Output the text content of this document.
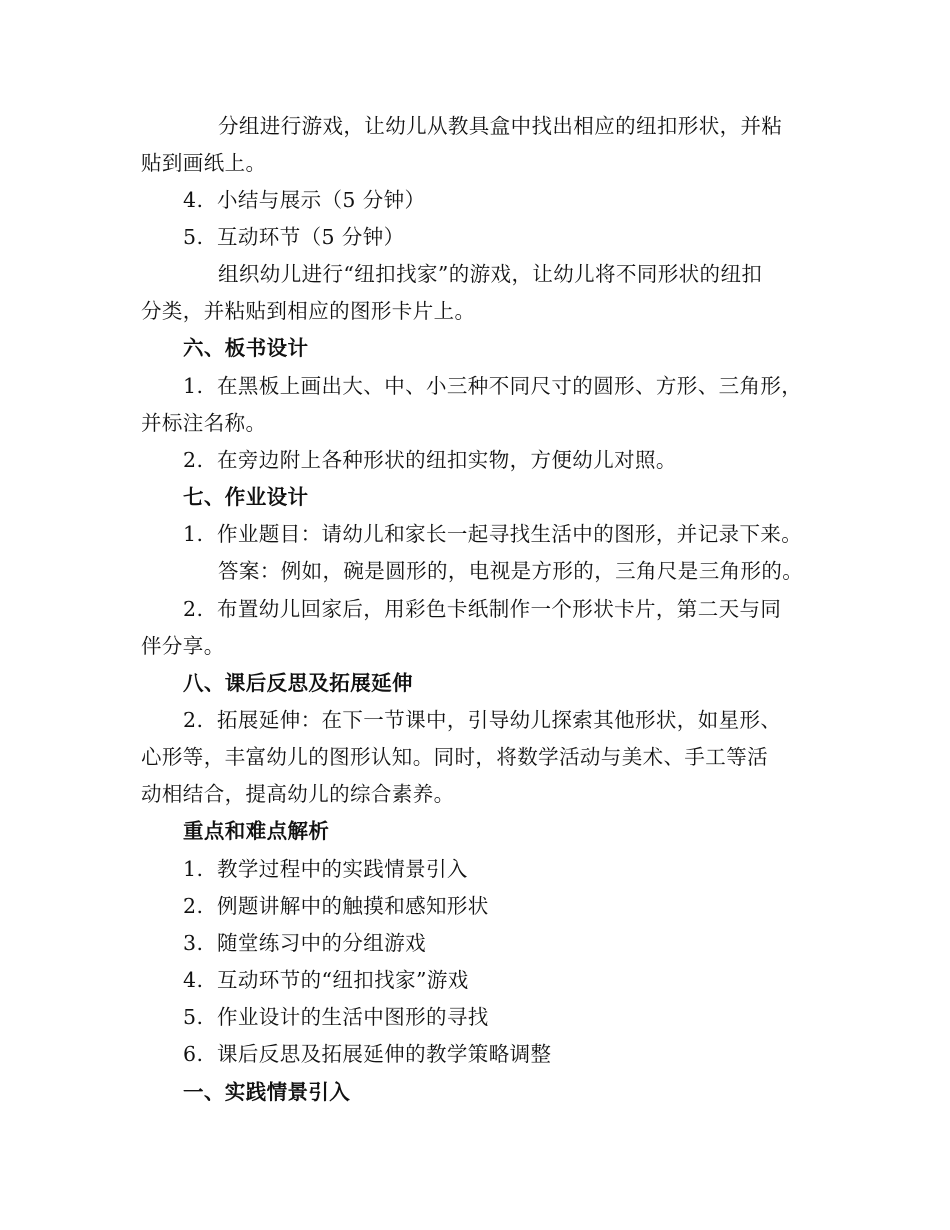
分组进行游戏，让幼儿从教具盒中找出相应的纽扣形状，并粘
贴到画纸上。
4. 小结与展示（5 分钟）
5. 互动环节（5 分钟）
组织幼儿进行“纽扣找家”的游戏，让幼儿将不同形状的纽扣
分类，并粘贴到相应的图形卡片上。
六、板书设计
1. 在黑板上画出大、中、小三种不同尺寸的圆形、方形、三角形，
并标注名称。
2. 在旁边附上各种形状的纽扣实物，方便幼儿对照。
七、作业设计
1. 作业题目：请幼儿和家长一起寻找生活中的图形，并记录下来。
答案：例如，碗是圆形的，电视是方形的，三角尺是三角形的。
2. 布置幼儿回家后，用彩色卡纸制作一个形状卡片，第二天与同
伴分享。
八、课后反思及拓展延伸
2. 拓展延伸：在下一节课中，引导幼儿探索其他形状，如星形、
心形等，丰富幼儿的图形认知。同时，将数学活动与美术、手工等活
动相结合，提高幼儿的综合素养。
重点和难点解析
1. 教学过程中的实践情景引入
2. 例题讲解中的触摸和感知形状
3. 随堂练习中的分组游戏
4. 互动环节的“纽扣找家”游戏
5. 作业设计的生活中图形的寻找
6. 课后反思及拓展延伸的教学策略调整
一、实践情景引入
